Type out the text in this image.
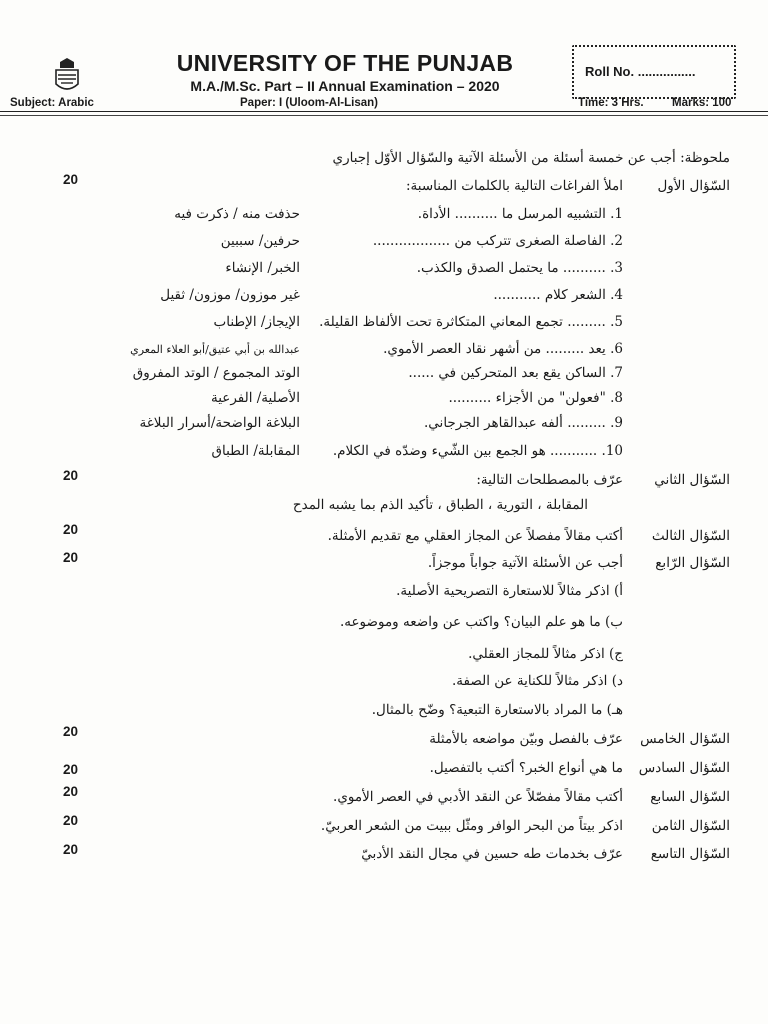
UNIVERSITY OF THE PUNJAB
M.A./M.Sc. Part – II Annual Examination – 2020
Subject: Arabic	Paper: I (Uloom-Al-Lisan)	Time: 3 Hrs. Marks: 100
Roll No. ................
ملحوظة: أجب عن خمسة أسئلة من الأسئلة الآتية والسّؤال الأوّل إجباري
السّؤال الأول
20	املأ الفراغات التالية بالكلمات المناسبة:
1. التشبيه المرسل ما .......... الأداة.
حذفت منه / ذكرت فيه
2. الفاصلة الصغرى تتركب من ..................
حرفين/ سببين
3. .......... ما يحتمل الصدق والكذب.
الخبر/ الإنشاء
4. الشعر كلام ...........
غير موزون/ موزون/ ثقيل
5. ......... تجمع المعاني المتكاثرة تحت الألفاظ القليلة.
الإيجاز/ الإطناب
6. يعد ......... من أشهر نقاد العصر الأموي.
عبدالله بن أبي عتيق/أبو العلاء المعري
7. الساكن يقع بعد المتحركين في ......
الوتد المجموع / الوتد المفروق
8. "فعولن" من الأجزاء ..........
الأصلية/ الفرعية
9. ......... ألفه عبدالقاهر الجرجاني.
البلاغة الواضحة/أسرار البلاغة
10. ........... هو الجمع بين الشّيء وضدّه في الكلام.
المقابلة/ الطباق
السّؤال الثاني
20	عرّف بالمصطلحات التالية:
المقابلة ، التورية ، الطباق ، تأكيد الذم بما يشبه المدح
السّؤال الثالث
20	أكتب مقالاً مفصلاً عن المجاز العقلي مع تقديم الأمثلة.
السّؤال الرّابع
20	أجب عن الأسئلة الآتية جواباً موجزاً.
أ) اذكر مثالاً للاستعارة التصريحية الأصلية.
ب) ما هو علم البيان؟ واكتب عن واضعه وموضوعه.
ج) اذكر مثالاً للمجاز العقلي.
د) اذكر مثالاً للكناية عن الصفة.
هـ) ما المراد بالاستعارة التبعية؟ وضّح بالمثال.
السّؤال الخامس
20	عرّف بالفصل وبيّن مواضعه بالأمثلة
السّؤال السادس
20	ما هي أنواع الخبر؟ أكتب بالتفصيل.
السّؤال السابع
20	أكتب مقالاً مفصّلاً عن النقد الأدبي في العصر الأموي.
السّؤال الثامن
20	اذكر بيتاً من البحر الوافر ومثّل ببيت من الشعر العربيّ.
السّؤال التاسع
20	عرّف بخدمات طه حسين في مجال النقد الأدبيّ
